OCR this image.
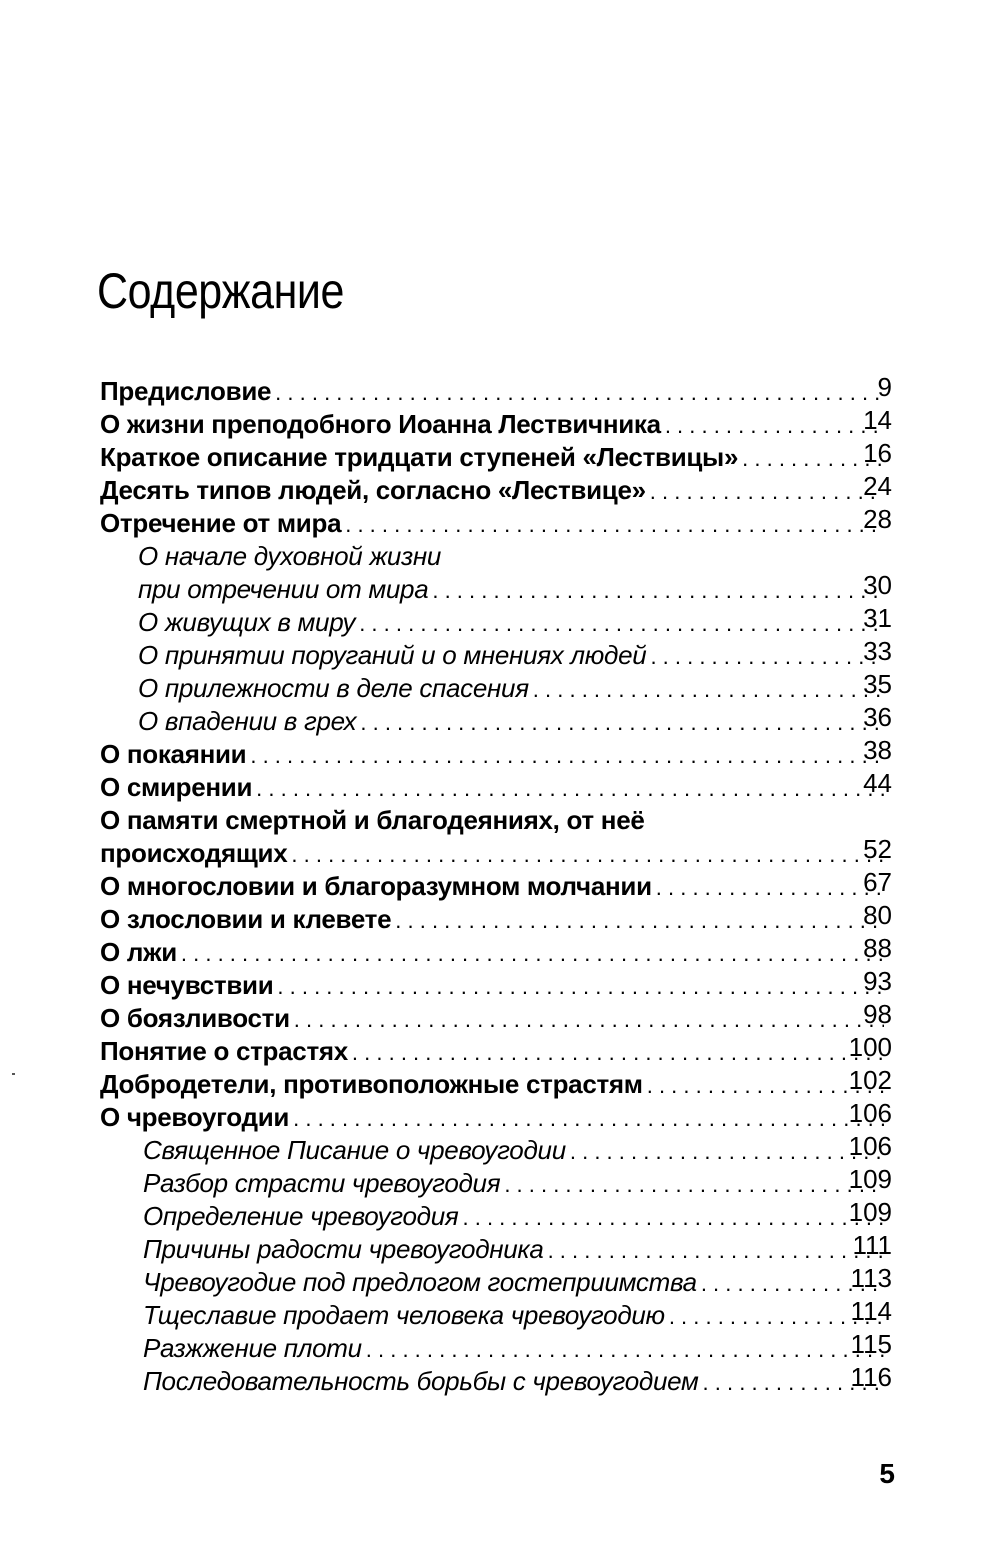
Содержание
Предисловие . . .	9
О жизни преподобного Иоанна Лествичника . . .	14
Краткое описание тридцати ступеней «Лествицы» . . .	16
Десять типов людей, согласно «Лествице» . . .	24
Отречение от мира . . .	28
О начале духовной жизни
при отречении от мира . . .	30
О живущих в миру . . .	31
О принятии поруганий и о мнениях людей . . .	33
О прилежности в деле спасения . . .	35
О впадении в грех . . .	36
О покаянии . . .	38
О смирении . . .	44
О памяти смертной и благодеяниях, от неё
происходящих . . .	52
О многословии и благоразумном молчании . . .	67
О злословии и клевете . . .	80
О лжи . . .	88
О нечувствии . . .	93
О боязливости . . .	98
Понятие о страстях . . .	100
Добродетели, противоположные страстям . . .	102
О чревоугодии . . .	106
Священное Писание о чревоугодии . . .	106
Разбор страсти чревоугодия . . .	109
Определение чревоугодия . . .	109
Причины радости чревоугодника . . .	111
Чревоугодие под предлогом гостеприимства . . .	113
Тщеславие продает человека чревоугодию . . .	114
Разжжение плоти . . .	115
Последовательность борьбы с чревоугодием . . .	116

5
